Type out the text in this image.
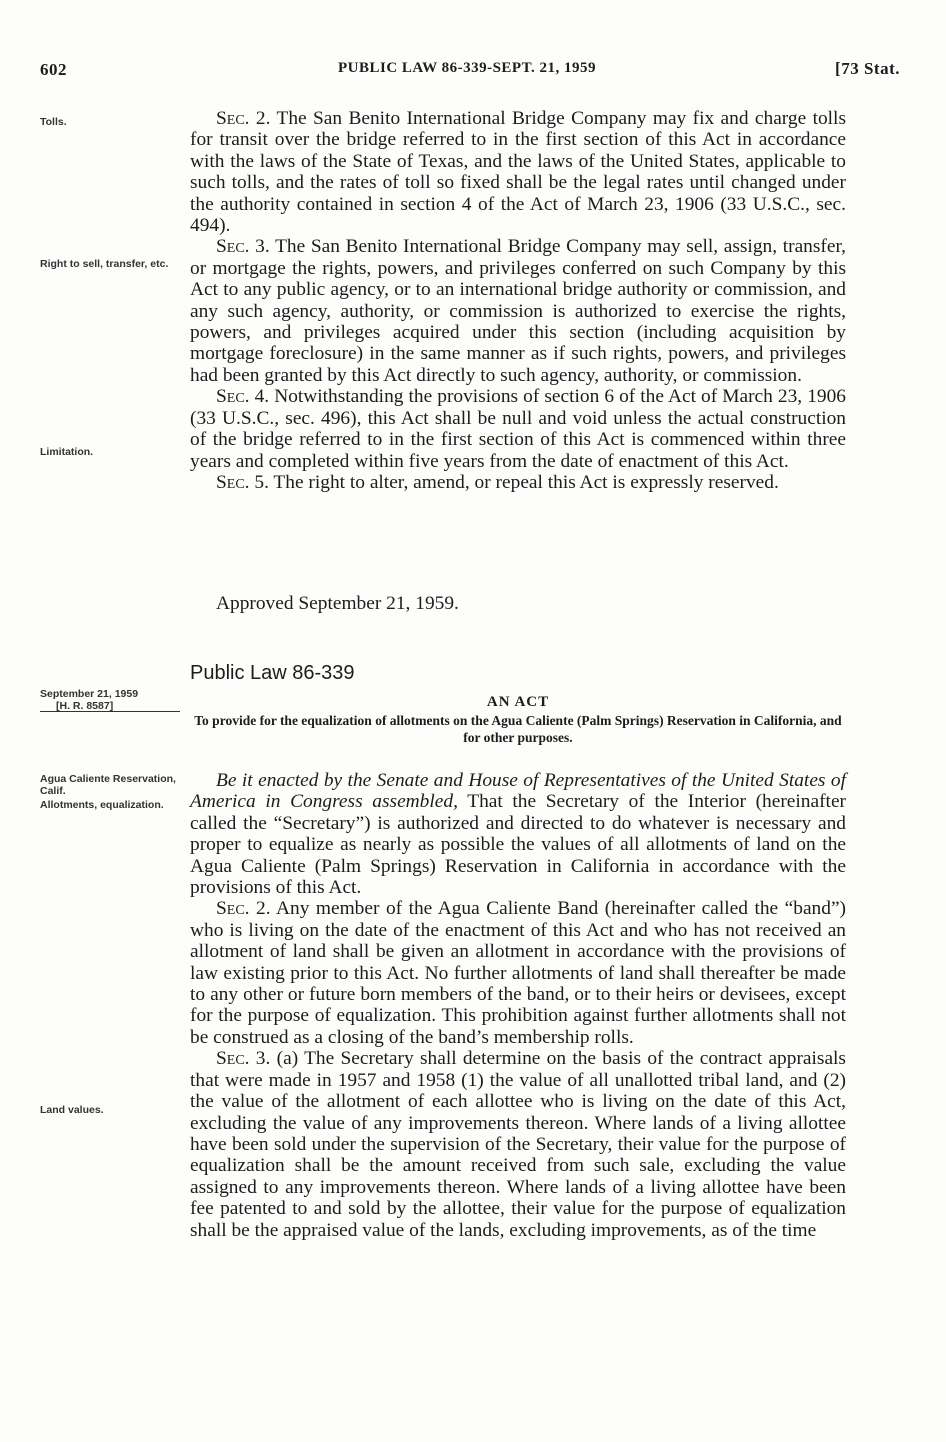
602	PUBLIC LAW 86-339-SEPT. 21, 1959	[73 Stat.
Tolls.
Right to sell, transfer, etc.
Limitation.
September 21, 1959
[H. R. 8587]
Agua Caliente Reservation, Calif.
Allotments, equalization.
Land values.

Sec. 2. The San Benito International Bridge Company may fix and charge tolls for transit over the bridge referred to in the first section of this Act in accordance with the laws of the State of Texas, and the laws of the United States, applicable to such tolls, and the rates of toll so fixed shall be the legal rates until changed under the authority contained in section 4 of the Act of March 23, 1906 (33 U.S.C., sec. 494).

Sec. 3. The San Benito International Bridge Company may sell, assign, transfer, or mortgage the rights, powers, and privileges conferred on such Company by this Act to any public agency, or to an international bridge authority or commission, and any such agency, authority, or commission is authorized to exercise the rights, powers, and privileges acquired under this section (including acquisition by mortgage foreclosure) in the same manner as if such rights, powers, and privileges had been granted by this Act directly to such agency, authority, or commission.

Sec. 4. Notwithstanding the provisions of section 6 of the Act of March 23, 1906 (33 U.S.C., sec. 496), this Act shall be null and void unless the actual construction of the bridge referred to in the first section of this Act is commenced within three years and completed within five years from the date of enactment of this Act.

Sec. 5. The right to alter, amend, or repeal this Act is expressly reserved.

Approved September 21, 1959.
Public Law 86-339
AN ACT
To provide for the equalization of allotments on the Agua Caliente (Palm Springs) Reservation in California, and for other purposes.

Be it enacted by the Senate and House of Representatives of the United States of America in Congress assembled, That the Secretary of the Interior (hereinafter called the “Secretary”) is authorized and directed to do whatever is necessary and proper to equalize as nearly as possible the values of all allotments of land on the Agua Caliente (Palm Springs) Reservation in California in accordance with the provisions of this Act.

Sec. 2. Any member of the Agua Caliente Band (hereinafter called the “band”) who is living on the date of the enactment of this Act and who has not received an allotment of land shall be given an allotment in accordance with the provisions of law existing prior to this Act. No further allotments of land shall thereafter be made to any other or future born members of the band, or to their heirs or devisees, except for the purpose of equalization. This prohibition against further allotments shall not be construed as a closing of the band’s membership rolls.

Sec. 3. (a) The Secretary shall determine on the basis of the contract appraisals that were made in 1957 and 1958 (1) the value of all unallotted tribal land, and (2) the value of the allotment of each allottee who is living on the date of this Act, excluding the value of any improvements thereon. Where lands of a living allottee have been sold under the supervision of the Secretary, their value for the purpose of equalization shall be the amount received from such sale, excluding the value assigned to any improvements thereon. Where lands of a living allottee have been fee patented to and sold by the allottee, their value for the purpose of equalization shall be the appraised value of the lands, excluding improvements, as of the time
